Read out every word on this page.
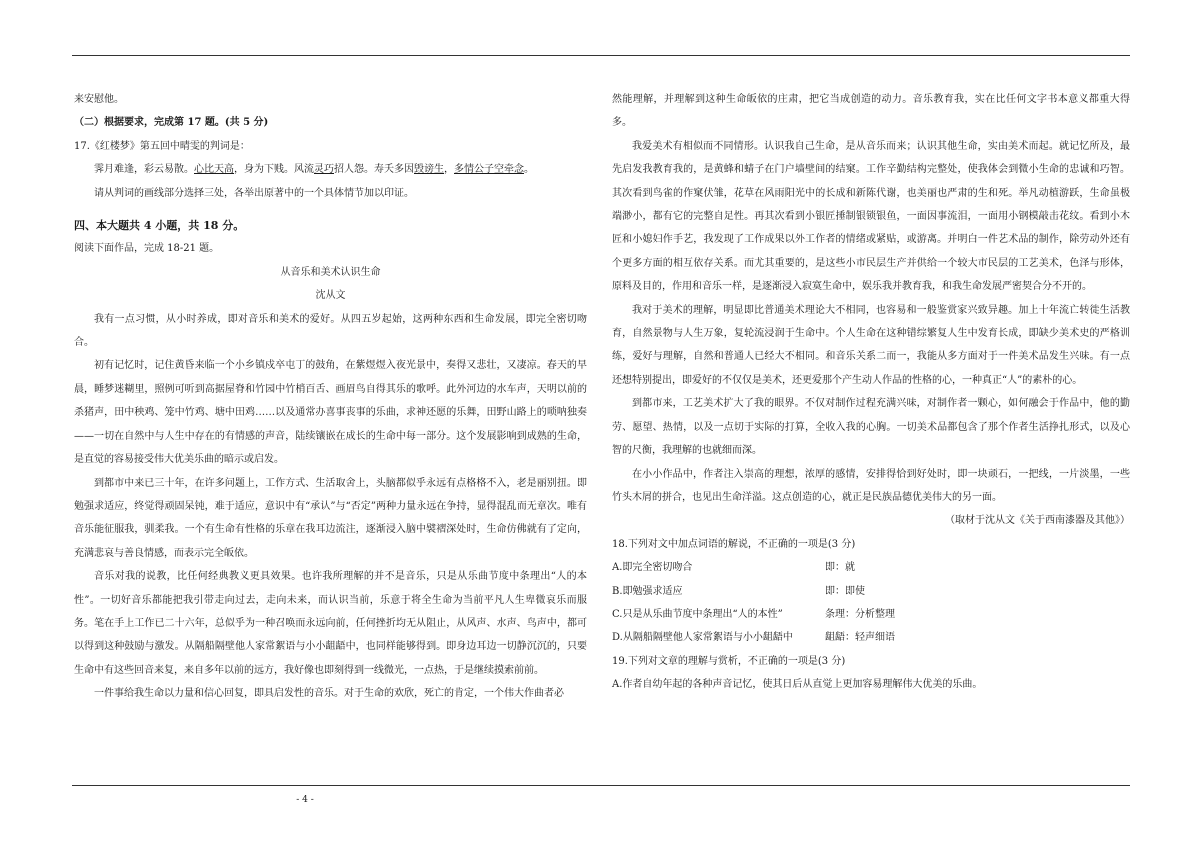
来安慰他。

（二）根据要求，完成第 17 题。(共 5 分)

17.《红楼梦》第五回中晴雯的判词是：

霁月难逢，彩云易散。心比天高，身为下贱。风流灵巧招人怨。寿夭多因毁谤生，多情公子空牵念。

请从判词的画线部分选择三处，各举出原著中的一个具体情节加以印证。

四、本大题共 4 小题，共 18 分。

阅读下面作品，完成 18-21 题。

从音乐和美术认识生命

沈从文

我有一点习惯，从小时养成，即对音乐和美术的爱好。从四五岁起始，这两种东西和生命发展，即完全密切吻合。

初有记忆时，记住黄昏来临一个小乡镇戍卒屯丁的鼓角，在紫煜煜入夜光景中，奏得又悲壮，又凄凉。春天的早晨，睡梦迷糊里，照例可听到高据屋脊和竹园中竹梢百舌、画眉鸟自得其乐的歌呼。此外河边的水车声，天明以前的杀猪声，田中秧鸡、笼中竹鸡、塘中田鸡……以及通常办喜事丧事的乐曲，求神还愿的乐舞，田野山路上的唢呐独奏——一切在自然中与人生中存在的有情感的声音，陆续镶嵌在成长的生命中每一部分。这个发展影响到成熟的生命，是直觉的容易接受伟大优美乐曲的暗示或启发。

到都市中来已三十年，在许多问题上，工作方式、生活取舍上，头脑都似乎永远有点格格不入，老是丽别扭。即勉强求适应，终觉得顽固呆钝，难于适应，意识中有“承认”与“否定”两种力量永远在争持，显得混乱而无章次。唯有音乐能征服我，驯柔我。一个有生命有性格的乐章在我耳边流注，逐渐浸入脑中襞褶深处时，生命仿佛就有了定向，充满悲哀与善良情感，而表示完全皈依。

音乐对我的说教，比任何经典教义更具效果。也许我所理解的并不是音乐，只是从乐曲节度中条理出“人的本性”。一切好音乐都能把我引带走向过去，走向未来，而认识当前，乐意于将全生命为当前平凡人生卑微哀乐而服务。笔在手上工作已二十六年，总似乎为一种召唤而永远向前，任何挫折均无从阻止，从风声、水声、鸟声中，都可以得到这种鼓励与激发。从隔船隔壁他人家常絮语与小小龃龉中，也同样能够得到。即身边耳边一切静沉沉的，只要生命中有这些回音来复，来自多年以前的远方，我好像也即刻得到一线微光，一点热，于是继续摸索前前。

一件事给我生命以力量和信心回复，即具启发性的音乐。对于生命的欢欣，死亡的肯定，一个伟大作曲者必

然能理解，并理解到这种生命皈依的庄肃，把它当成创造的动力。音乐教育我，实在比任何文字书本意义都重大得多。

我爱美术有相似而不同情形。认识我自己生命，是从音乐而来；认识其他生命，实由美术而起。就记忆所及，最先启发我教育我的，是黄蜂和蜻子在门户墙壁间的结窠。工作辛勤结构完整处，使我体会到微小生命的忠诚和巧智。其次看到鸟雀的作窠伏雏，花草在风雨阳光中的长成和新陈代谢，也美丽也严肃的生和死。举凡动植游跃，生命虽极端渺小，都有它的完整自足性。再其次看到小银匠捶制银锁银鱼，一面因事流泪，一面用小钢模敲击花纹。看到小木匠和小媳妇作手艺，我发现了工作成果以外工作者的情绪或紧贴，或游离。并明白一件艺术品的制作，除劳动外还有个更多方面的相互依存关系。而尤其重要的，是这些小市民层生产并供给一个较大市民层的工艺美术，色泽与形体，原料及目的，作用和音乐一样，是逐渐浸入寂寞生命中，娱乐我并教育我，和我生命发展严密契合分不开的。

我对于美术的理解，明显即比普通美术理论大不相同，也容易和一般鉴赏家兴致异趣。加上十年流亡转徙生活教育，自然景物与人生万象，复轮流浸润于生命中。个人生命在这种错综繁复人生中发育长成，即缺少美术史的严格训练，爱好与理解，自然和普通人已经大不相同。和音乐关系二而一，我能从多方面对于一件美术品发生兴味。有一点还想特别提出，即爱好的不仅仅是美术，还更爱那个产生动人作品的性格的心，一种真正“人”的素朴的心。

到都市来，工艺美术扩大了我的眼界。不仅对制作过程充满兴味，对制作者一颗心，如何融会于作品中，他的勤劳、愿望、热情，以及一点切于实际的打算，全收入我的心胸。一切美术品都包含了那个作者生活挣扎形式，以及心智的尺衡，我理解的也就细而深。

在小小作品中，作者注入崇高的理想，浓厚的感情，安排得恰到好处时，即一块顽石，一把线，一片淡墨，一些竹头木屑的拼合，也见出生命洋溢。这点创造的心，就正是民族品德优美伟大的另一面。

（取材于沈从文《关于西南漆器及其他》）

18.下列对文中加点词语的解说，不正确的一项是(3 分)

A.即完全密切吻合	即：就
B.即勉强求适应	即：即使
C.只是从乐曲节度中条理出“人的本性”	条理：分析整理
D.从隔船隔壁他人家常絮语与小小龃龉中	龃龉：轻声细语

19.下列对文章的理解与赏析，不正确的一项是(3 分)

A.作者自幼年起的各种声音记忆，使其日后从直觉上更加容易理解伟大优美的乐曲。

- 4 -
